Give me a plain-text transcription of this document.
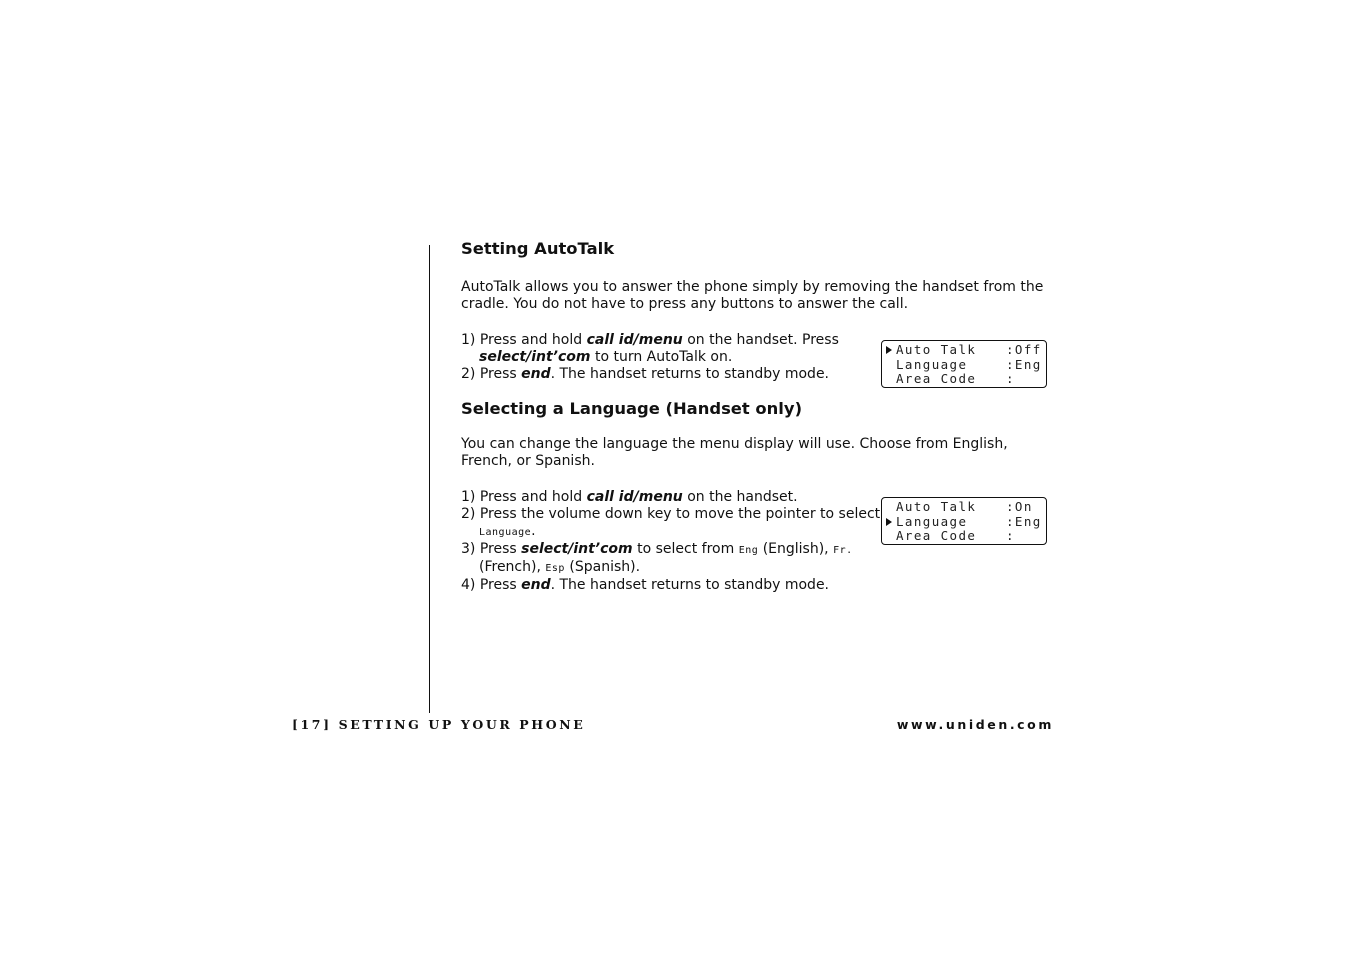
Setting AutoTalk

AutoTalk allows you to answer the phone simply by removing the handset from the cradle. You do not have to press any buttons to answer the call.

1) Press and hold call id/menu on the handset. Press
select/int’com to turn AutoTalk on.
2) Press end. The handset returns to standby mode.
Selecting a Language (Handset only)

You can change the language the menu display will use. Choose from English, French, or Spanish.

1) Press and hold call id/menu on the handset.
2) Press the volume down key to move the pointer to select
Language.
3) Press select/int’com to select from Eng (English), Fr.
(French), Esp (Spanish).
4) Press end. The handset returns to standby mode.
Auto Talk :Off
Language	:Eng
Area Code :
Auto Talk :On
Language	:Eng
Area Code :
[17] SETTING UP YOUR PHONE	www.uniden.com
